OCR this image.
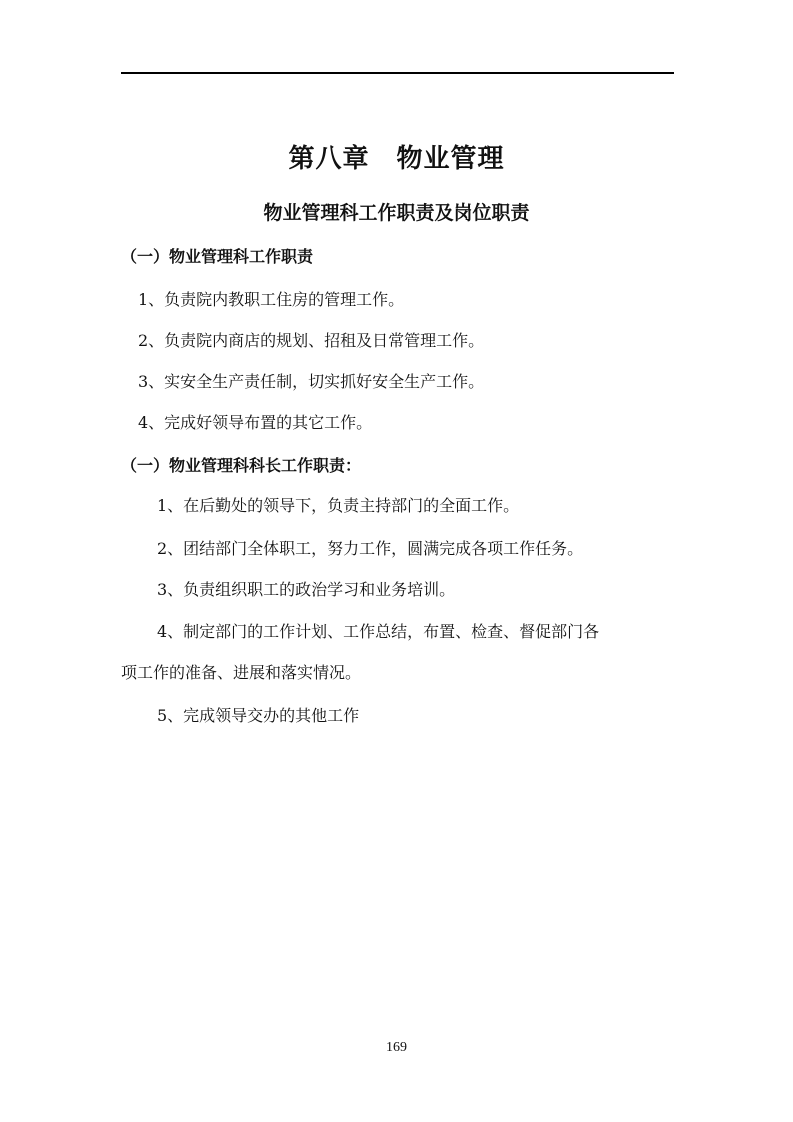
第八章　物业管理
物业管理科工作职责及岗位职责
（一）物业管理科工作职责
1、负责院内教职工住房的管理工作。
2、负责院内商店的规划、招租及日常管理工作。
3、实安全生产责任制，切实抓好安全生产工作。
4、完成好领导布置的其它工作。
（一）物业管理科科长工作职责：
1、在后勤处的领导下，负责主持部门的全面工作。
2、团结部门全体职工，努力工作，圆满完成各项工作任务。
3、负责组织职工的政治学习和业务培训。
4、制定部门的工作计划、工作总结，布置、检查、督促部门各
项工作的准备、进展和落实情况。
5、完成领导交办的其他工作
169
